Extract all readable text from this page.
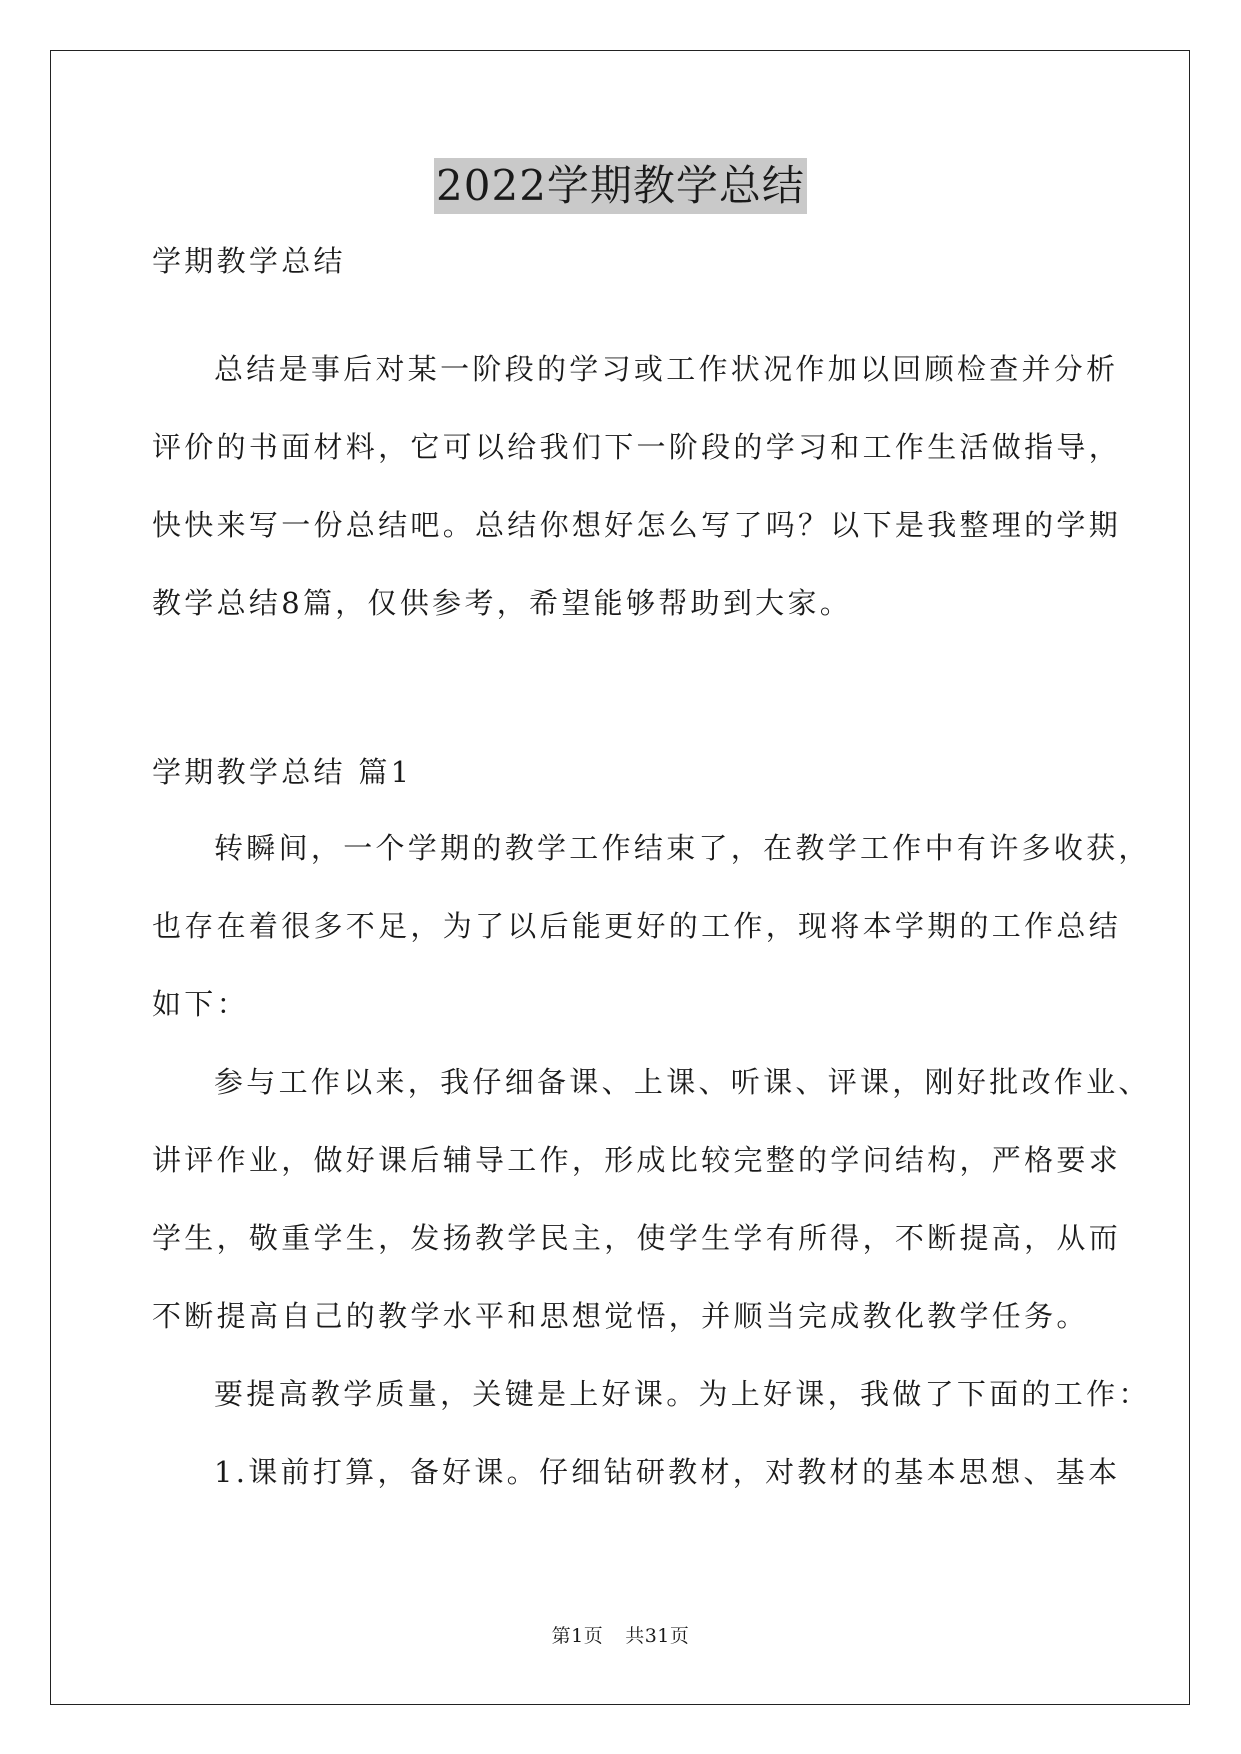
2022学期教学总结

学期教学总结

总结是事后对某一阶段的学习或工作状况作加以回顾检查并分析

评价的书面材料，它可以给我们下一阶段的学习和工作生活做指导，

快快来写一份总结吧。总结你想好怎么写了吗？以下是我整理的学期

教学总结8篇，仅供参考，希望能够帮助到大家。

学期教学总结 篇1

转瞬间，一个学期的教学工作结束了，在教学工作中有许多收获，

也存在着很多不足，为了以后能更好的工作，现将本学期的工作总结

如下：

参与工作以来，我仔细备课、上课、听课、评课，刚好批改作业、

讲评作业，做好课后辅导工作，形成比较完整的学问结构，严格要求

学生，敬重学生，发扬教学民主，使学生学有所得，不断提高，从而

不断提高自己的教学水平和思想觉悟，并顺当完成教化教学任务。

要提高教学质量，关键是上好课。为上好课，我做了下面的工作：

1.课前打算，备好课。仔细钻研教材，对教材的基本思想、基本

第1页 共31页
